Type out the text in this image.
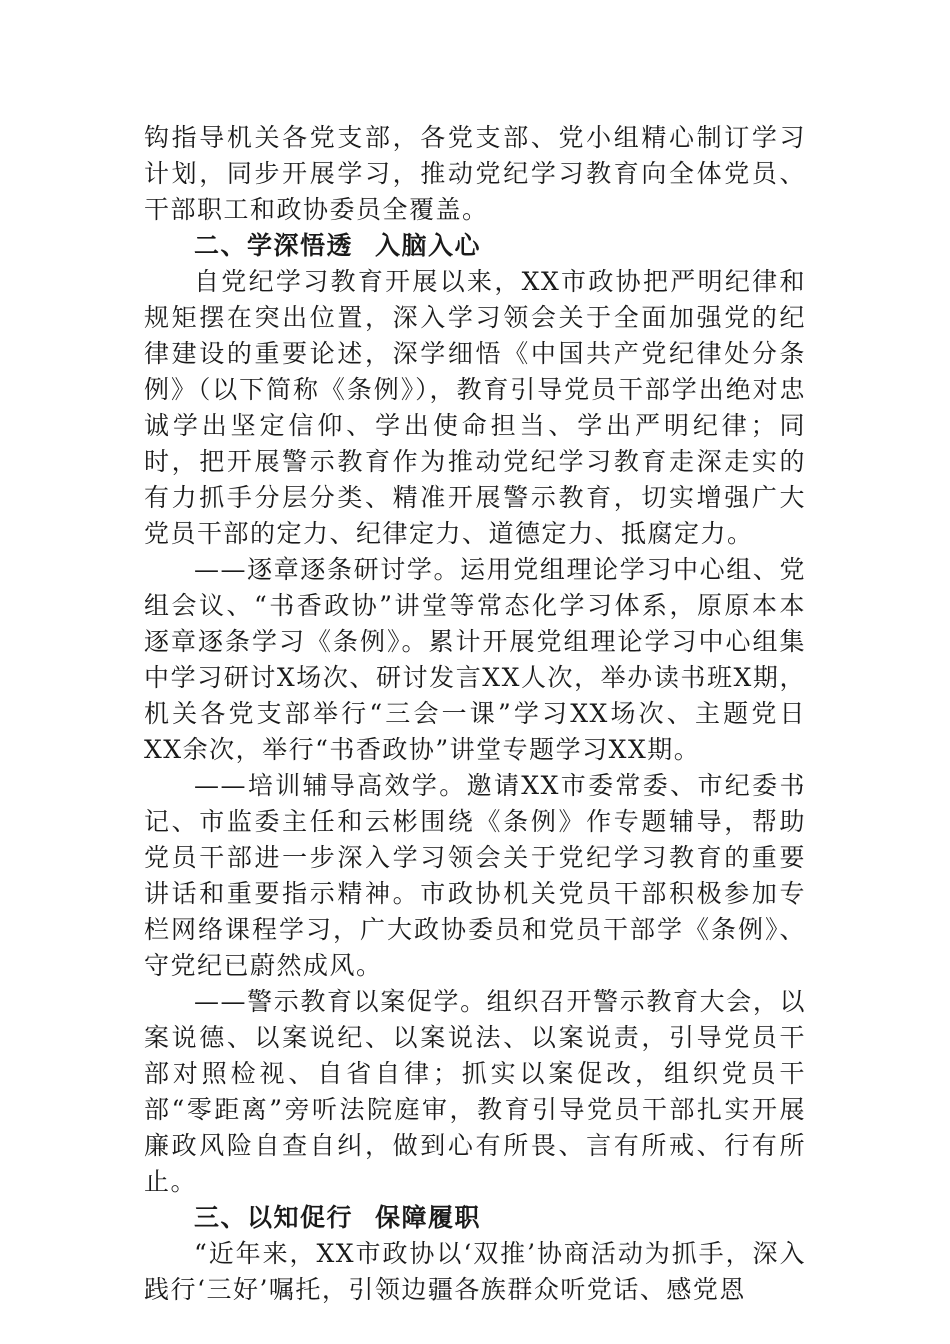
钩指导机关各党支部，各党支部、党小组精心制订学习计划，同步开展学习，推动党纪学习教育向全体党员、干部职工和政协委员全覆盖。

二、学深悟透 入脑入心

自党纪学习教育开展以来，XX市政协把严明纪律和规矩摆在突出位置，深入学习领会关于全面加强党的纪律建设的重要论述，深学细悟《中国共产党纪律处分条例》（以下简称《条例》），教育引导党员干部学出绝对忠诚学出坚定信仰、学出使命担当、学出严明纪律；同时，把开展警示教育作为推动党纪学习教育走深走实的有力抓手分层分类、精准开展警示教育，切实增强广大党员干部的定力、纪律定力、道德定力、抵腐定力。

——逐章逐条研讨学。运用党组理论学习中心组、党组会议、“书香政协”讲堂等常态化学习体系，原原本本逐章逐条学习《条例》。累计开展党组理论学习中心组集中学习研讨X场次、研讨发言XX人次，举办读书班X期，机关各党支部举行“三会一课”学习XX场次、主题党日XX余次，举行“书香政协”讲堂专题学习XX期。

——培训辅导高效学。邀请XX市委常委、市纪委书记、市监委主任和云彬围绕《条例》作专题辅导，帮助党员干部进一步深入学习领会关于党纪学习教育的重要讲话和重要指示精神。市政协机关党员干部积极参加专栏网络课程学习，广大政协委员和党员干部学《条例》、守党纪已蔚然成风。

——警示教育以案促学。组织召开警示教育大会，以案说德、以案说纪、以案说法、以案说责，引导党员干部对照检视、自省自律；抓实以案促改，组织党员干部“零距离”旁听法院庭审，教育引导党员干部扎实开展廉政风险自查自纠，做到心有所畏、言有所戒、行有所止。

三、以知促行 保障履职

“近年来，XX市政协以‘双推’协商活动为抓手，深入践行‘三好’嘱托，引领边疆各族群众听党话、感党恩
